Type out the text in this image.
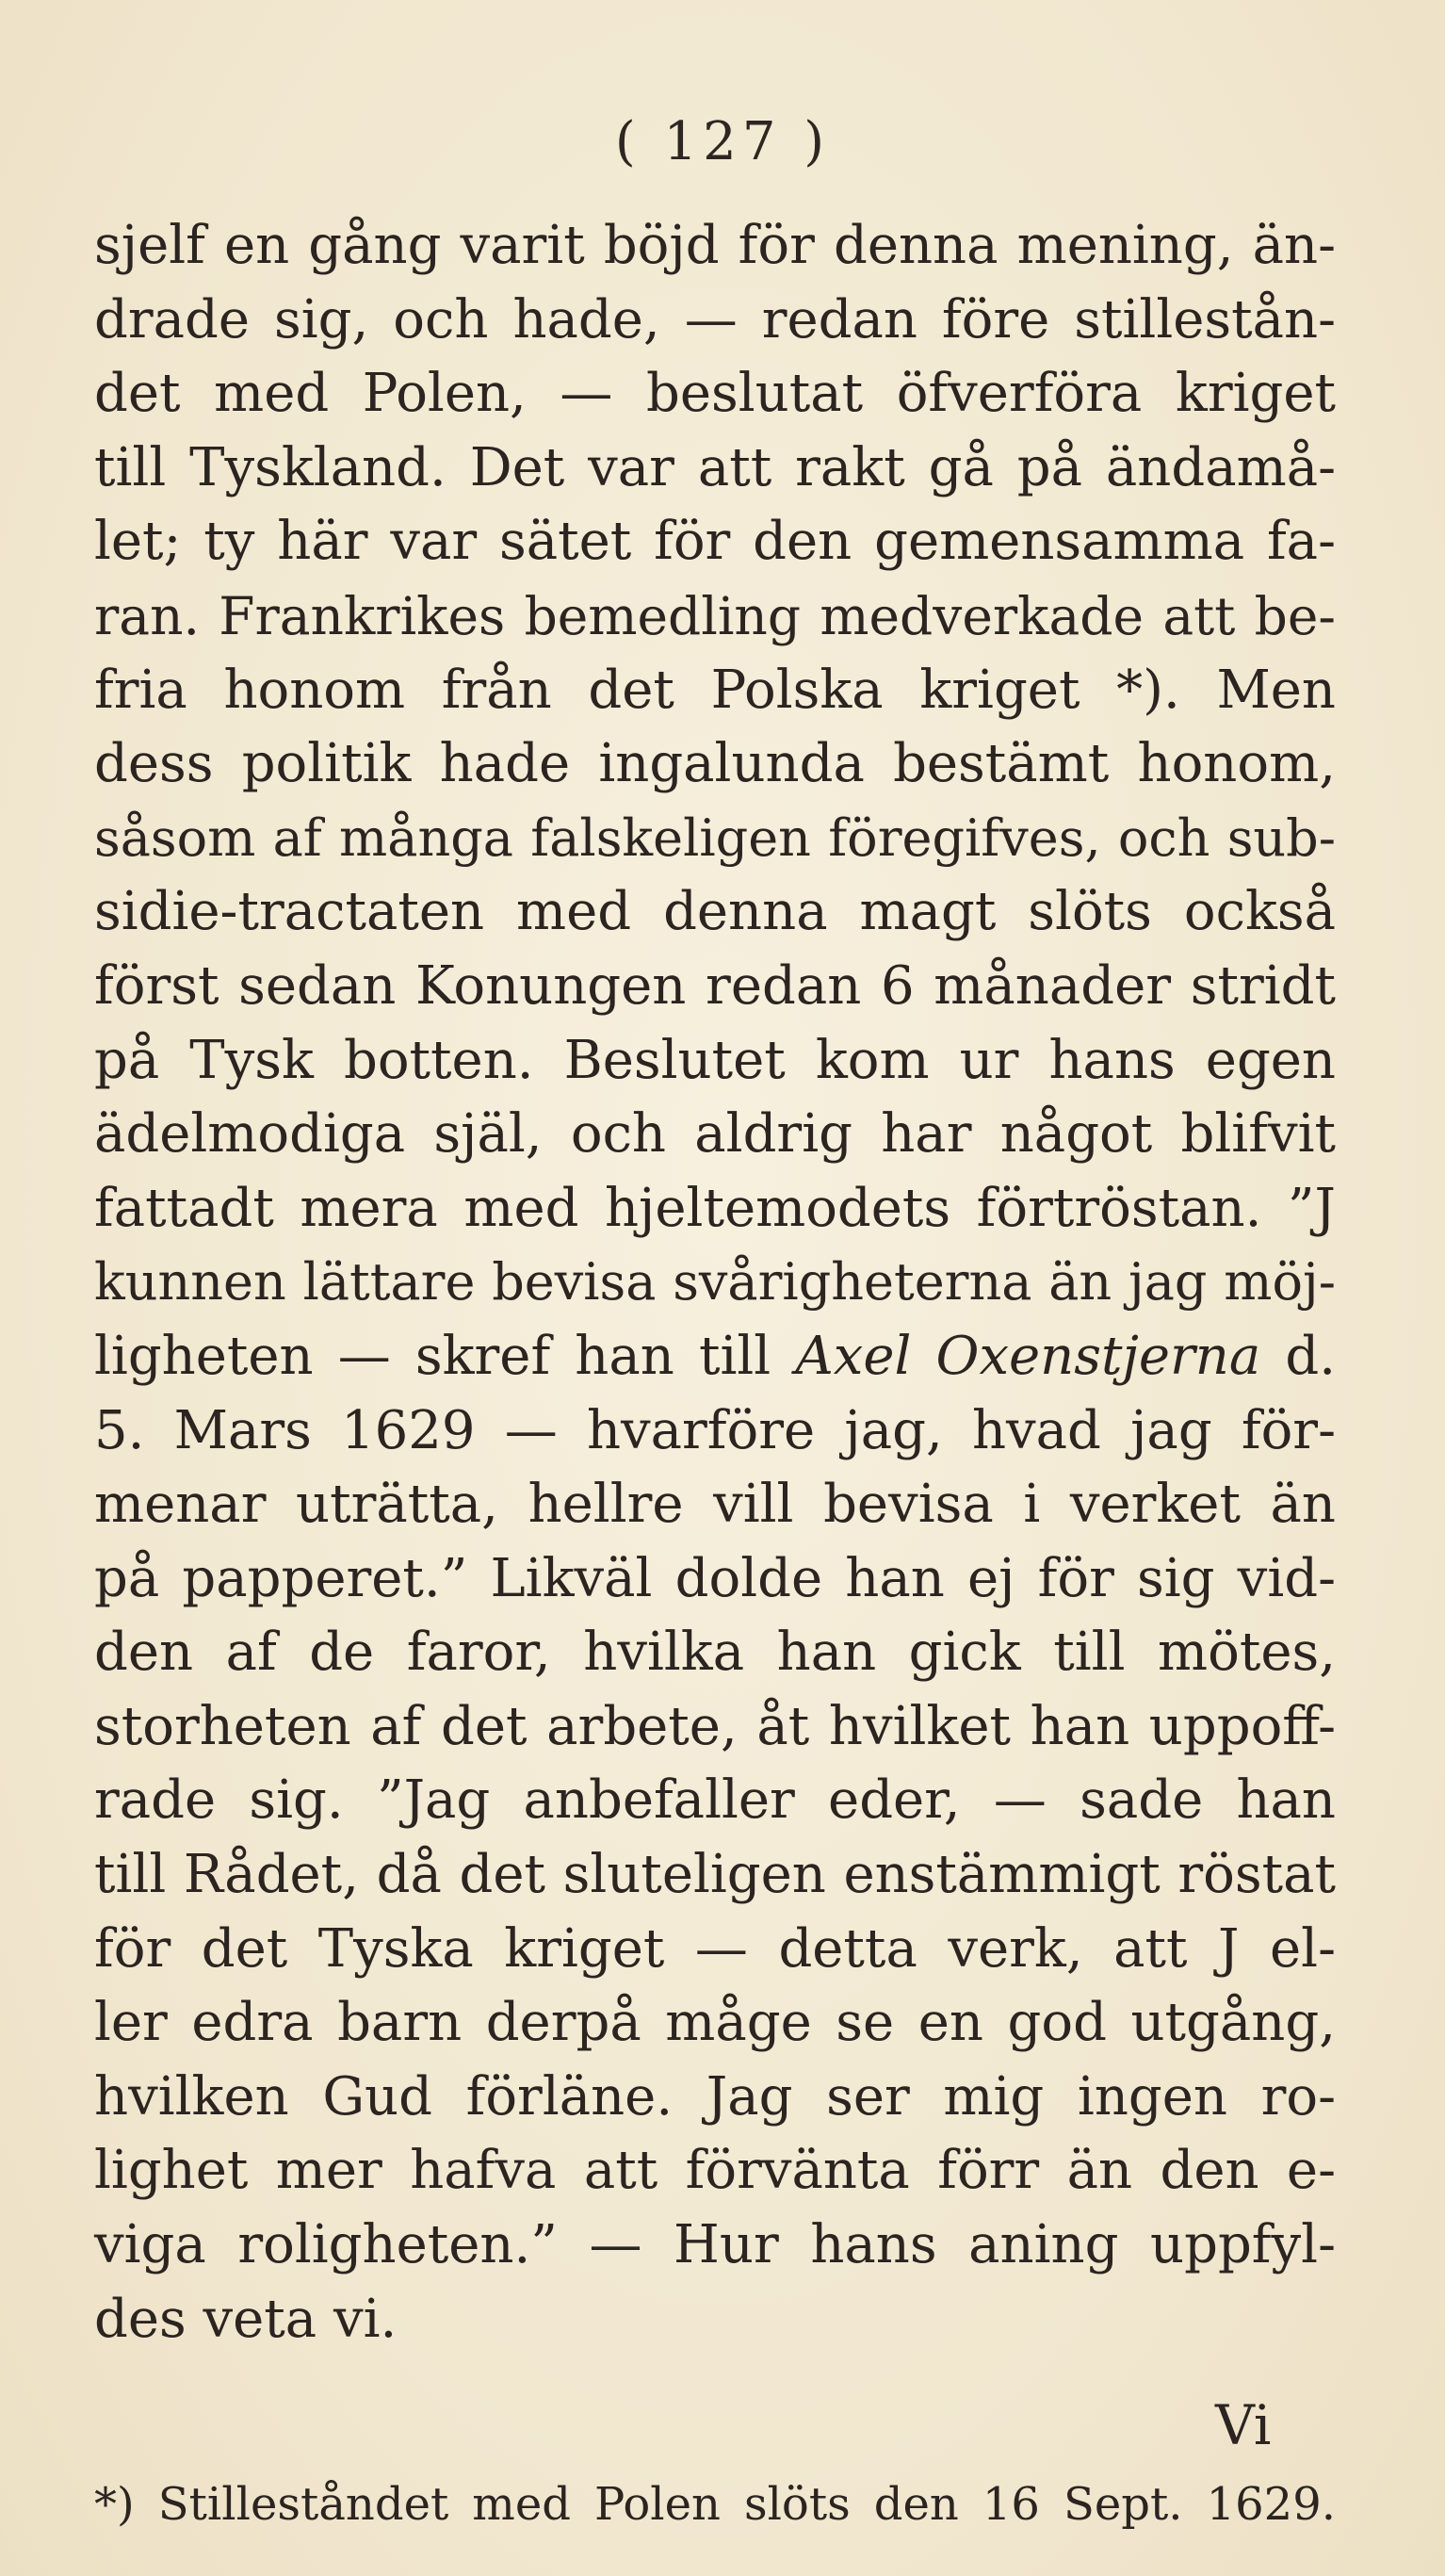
( 127 )
sjelf en gång varit böjd för denna mening, än-
drade sig, och hade, — redan före stillestån-
det med Polen, — beslutat öfverföra kriget
till Tyskland. Det var att rakt gå på ändamå-
let; ty här var sätet för den gemensamma fa-
ran. Frankrikes bemedling medverkade att be-
fria honom från det Polska kriget *). Men
dess politik hade ingalunda bestämt honom,
såsom af många falskeligen föregifves, och sub-
sidie-tractaten med denna magt slöts också
först sedan Konungen redan 6 månader stridt
på Tysk botten. Beslutet kom ur hans egen
ädelmodiga själ, och aldrig har något blifvit
fattadt mera med hjeltemodets förtröstan. ”J
kunnen lättare bevisa svårigheterna än jag möj-
ligheten — skref han till Axel Oxenstjerna d.
5. Mars 1629 — hvarföre jag, hvad jag för-
menar uträtta, hellre vill bevisa i verket än
på papperet.” Likväl dolde han ej för sig vid-
den af de faror, hvilka han gick till mötes,
storheten af det arbete, åt hvilket han uppoff-
rade sig. ”Jag anbefaller eder, — sade han
till Rådet, då det sluteligen enstämmigt röstat
för det Tyska kriget — detta verk, att J el-
ler edra barn derpå måge se en god utgång,
hvilken Gud förläne. Jag ser mig ingen ro-
lighet mer hafva att förvänta förr än den e-
viga roligheten.” — Hur hans aning uppfyl-
des veta vi.
Vi
*) Stilleståndet med Polen slöts den 16 Sept. 1629.
